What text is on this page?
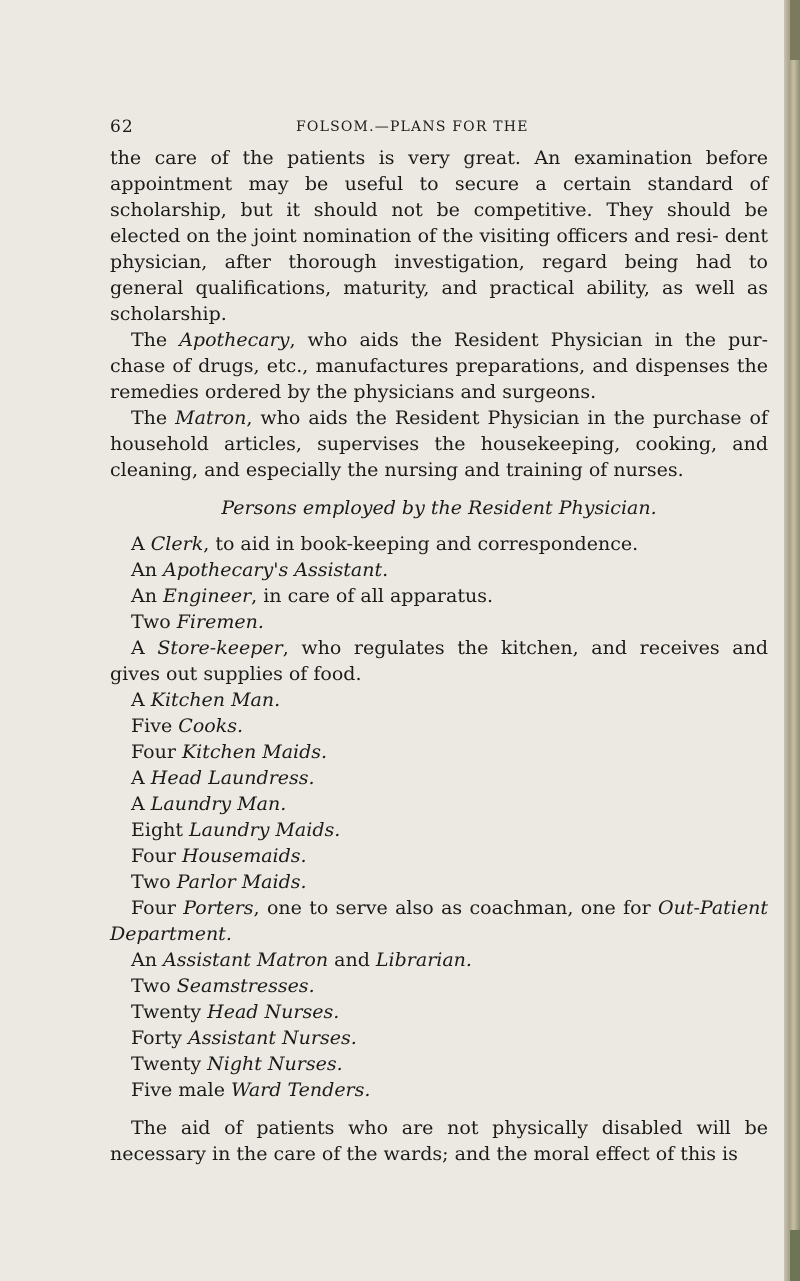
62	FOLSOM.—PLANS FOR THE

the care of the patients is very great. An examination before appointment may be useful to secure a certain standard of scholarship, but it should not be competitive. They should be elected on the joint nomination of the visiting officers and resi- dent physician, after thorough investigation, regard being had to general qualifications, maturity, and practical ability, as well as scholarship.

The Apothecary, who aids the Resident Physician in the pur- chase of drugs, etc., manufactures preparations, and dispenses the remedies ordered by the physicians and surgeons.

The Matron, who aids the Resident Physician in the purchase of household articles, supervises the housekeeping, cooking, and cleaning, and especially the nursing and training of nurses.

Persons employed by the Resident Physician.

A Clerk, to aid in book-keeping and correspondence.

An Apothecary's Assistant.

An Engineer, in care of all apparatus.

Two Firemen.

A Store-keeper, who regulates the kitchen, and receives and gives out supplies of food.

A Kitchen Man.

Five Cooks.

Four Kitchen Maids.

A Head Laundress.

A Laundry Man.

Eight Laundry Maids.

Four Housemaids.

Two Parlor Maids.

Four Porters, one to serve also as coachman, one for Out-Patient Department.

An Assistant Matron and Librarian.

Two Seamstresses.

Twenty Head Nurses.

Forty Assistant Nurses.

Twenty Night Nurses.

Five male Ward Tenders.

The aid of patients who are not physically disabled will be necessary in the care of the wards; and the moral effect of this is
